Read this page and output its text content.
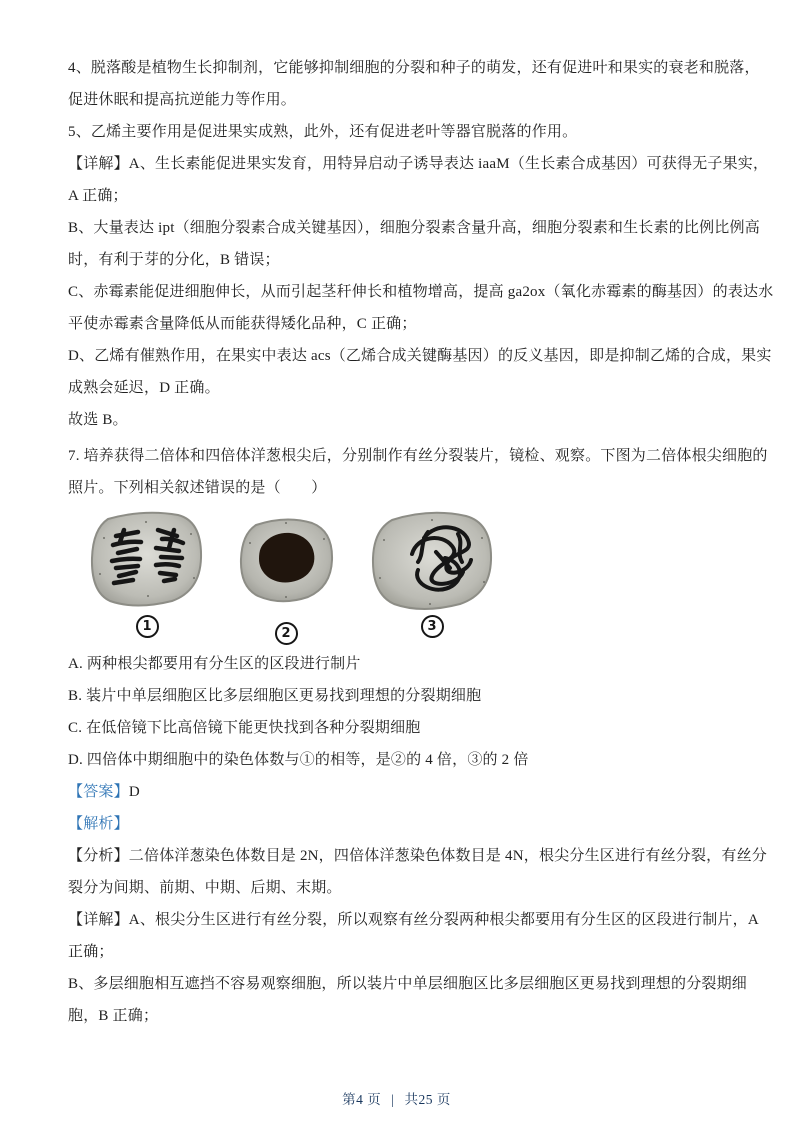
4、脱落酸是植物生长抑制剂，它能够抑制细胞的分裂和种子的萌发，还有促进叶和果实的衰老和脱落，
促进休眠和提高抗逆能力等作用。
5、乙烯主要作用是促进果实成熟，此外，还有促进老叶等器官脱落的作用。
【详解】A、生长素能促进果实发育，用特异启动子诱导表达 iaaM（生长素合成基因）可获得无子果实，
A 正确；
B、大量表达 ipt（细胞分裂素合成关键基因），细胞分裂素含量升高，细胞分裂素和生长素的比例比例高
时，有利于芽的分化，B 错误；
C、赤霉素能促进细胞伸长，从而引起茎秆伸长和植物增高，提高 ga2ox（氧化赤霉素的酶基因）的表达水
平使赤霉素含量降低从而能获得矮化品种，C 正确；
D、乙烯有催熟作用，在果实中表达 acs（乙烯合成关键酶基因）的反义基因，即是抑制乙烯的合成，果实
成熟会延迟，D 正确。
故选 B。
7. 培养获得二倍体和四倍体洋葱根尖后，分别制作有丝分裂装片，镜检、观察。下图为二倍体根尖细胞的
照片。下列相关叙述错误的是（　　）
1	2	3
A. 两种根尖都要用有分生区的区段进行制片
B. 装片中单层细胞区比多层细胞区更易找到理想的分裂期细胞
C. 在低倍镜下比高倍镜下能更快找到各种分裂期细胞
D. 四倍体中期细胞中的染色体数与①的相等，是②的 4 倍，③的 2 倍
【答案】D
【解析】
【分析】二倍体洋葱染色体数目是 2N，四倍体洋葱染色体数目是 4N，根尖分生区进行有丝分裂，有丝分
裂分为间期、前期、中期、后期、末期。
【详解】A、根尖分生区进行有丝分裂，所以观察有丝分裂两种根尖都要用有分生区的区段进行制片，A
正确；
B、多层细胞相互遮挡不容易观察细胞，所以装片中单层细胞区比多层细胞区更易找到理想的分裂期细
胞，B 正确；
第4 页 | 共25 页
